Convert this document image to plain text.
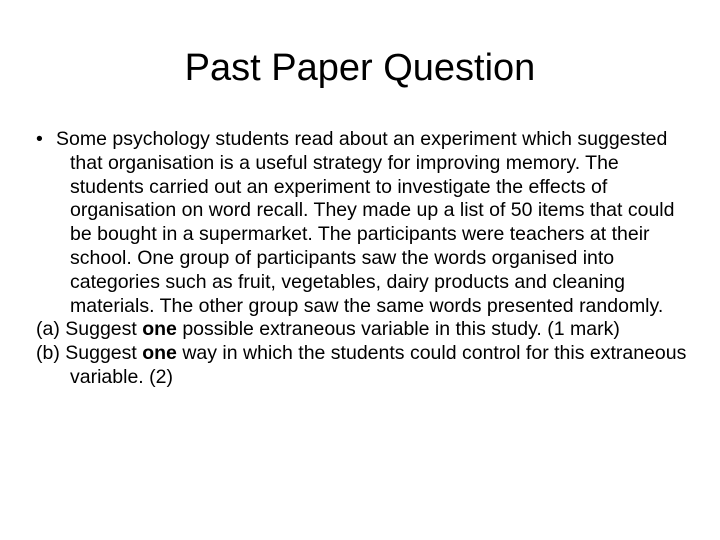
Past Paper Question

• Some psychology students read about an experiment which suggested that organisation is a useful strategy for improving memory. The students carried out an experiment to investigate the effects of organisation on word recall. They made up a list of 50 items that could be bought in a supermarket. The participants were teachers at their school. One group of participants saw the words organised into categories such as fruit, vegetables, dairy products and cleaning materials. The other group saw the same words presented randomly.

(a) Suggest one possible extraneous variable in this study. (1 mark)

(b) Suggest one way in which the students could control for this extraneous variable. (2)
